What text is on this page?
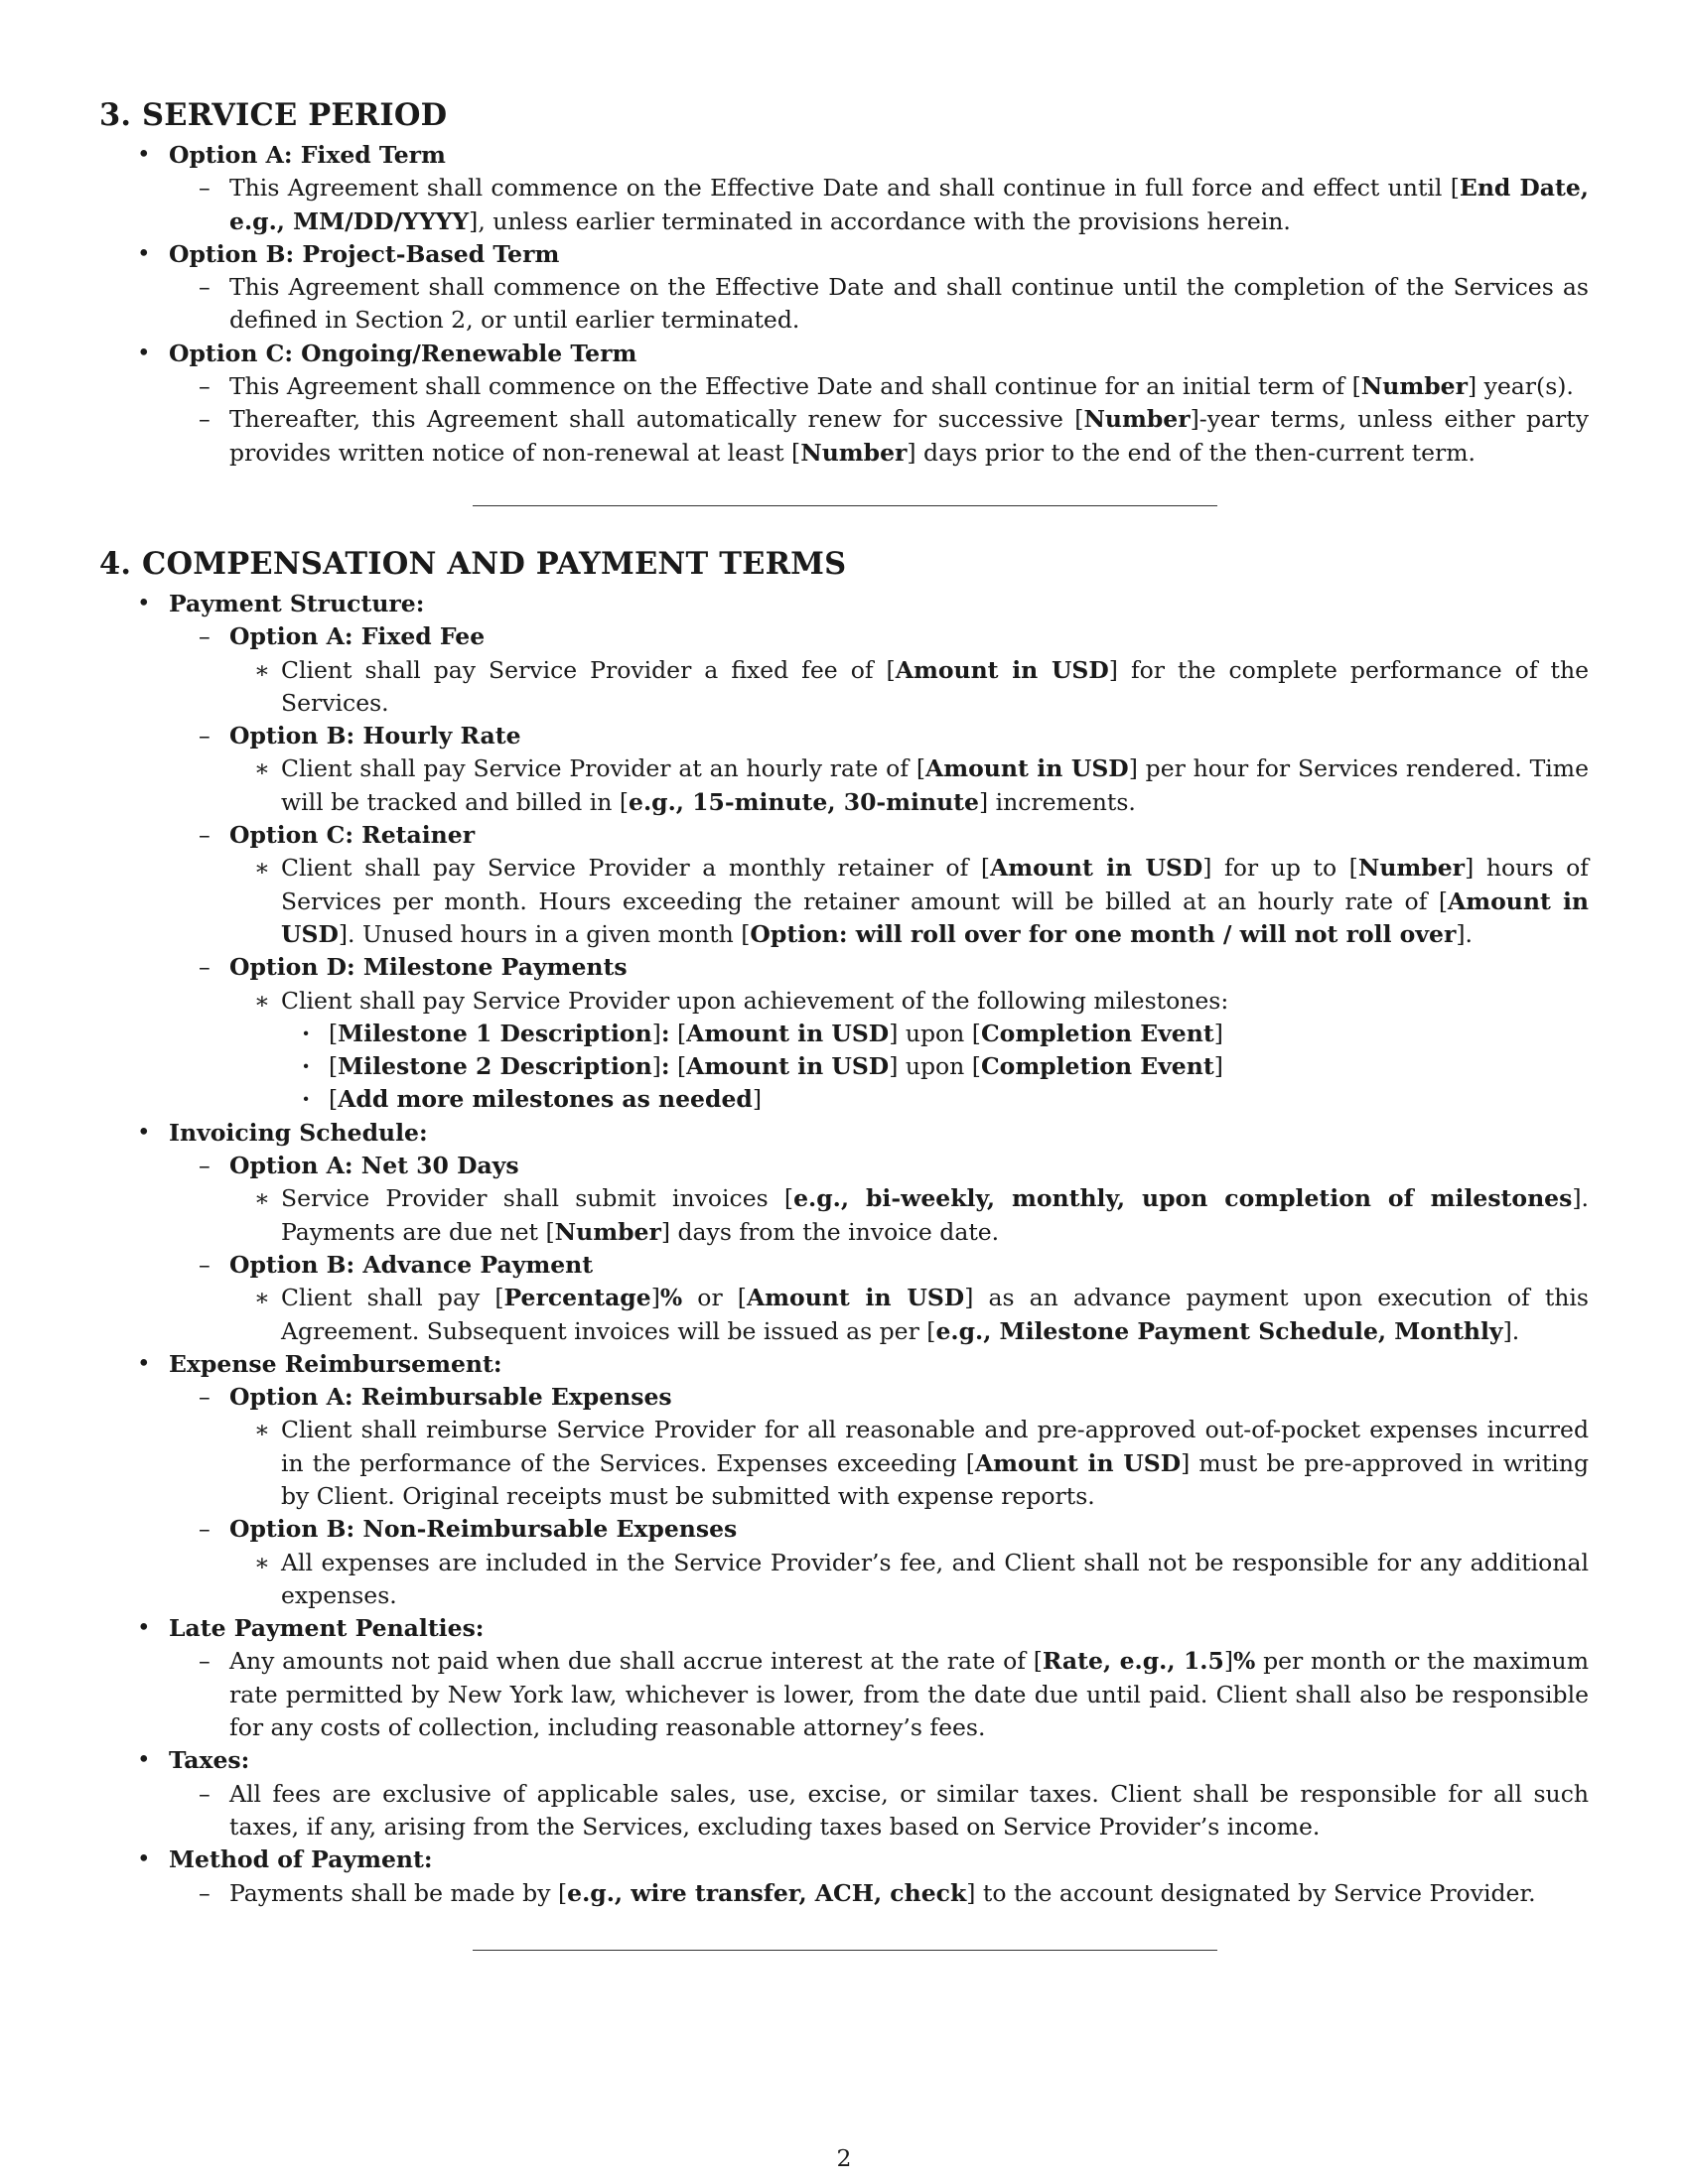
3. SERVICE PERIOD
• Option A: Fixed Term
– This Agreement shall commence on the Effective Date and shall continue in full force and effect until [End Date, e.g., MM/DD/YYYY], unless earlier terminated in accordance with the provisions herein.
• Option B: Project-Based Term
– This Agreement shall commence on the Effective Date and shall continue until the completion of the Services as defined in Section 2, or until earlier terminated.
• Option C: Ongoing/Renewable Term
– This Agreement shall commence on the Effective Date and shall continue for an initial term of [Number] year(s).
– Thereafter, this Agreement shall automatically renew for successive [Number]-year terms, unless either party provides written notice of non-renewal at least [Number] days prior to the end of the then-current term.
4. COMPENSATION AND PAYMENT TERMS
• Payment Structure:
– Option A: Fixed Fee
∗ Client shall pay Service Provider a fixed fee of [Amount in USD] for the complete performance of the Services.
– Option B: Hourly Rate
∗ Client shall pay Service Provider at an hourly rate of [Amount in USD] per hour for Services rendered. Time will be tracked and billed in [e.g., 15-minute, 30-minute] increments.
– Option C: Retainer
∗ Client shall pay Service Provider a monthly retainer of [Amount in USD] for up to [Number] hours of Services per month. Hours exceeding the retainer amount will be billed at an hourly rate of [Amount in USD]. Unused hours in a given month [Option: will roll over for one month / will not roll over].
– Option D: Milestone Payments
∗ Client shall pay Service Provider upon achievement of the following milestones:
· [Milestone 1 Description]: [Amount in USD] upon [Completion Event]
· [Milestone 2 Description]: [Amount in USD] upon [Completion Event]
· [Add more milestones as needed]
• Invoicing Schedule:
– Option A: Net 30 Days
∗ Service Provider shall submit invoices [e.g., bi-weekly, monthly, upon completion of milestones]. Payments are due net [Number] days from the invoice date.
– Option B: Advance Payment
∗ Client shall pay [Percentage]% or [Amount in USD] as an advance payment upon execution of this Agreement. Subsequent invoices will be issued as per [e.g., Milestone Payment Schedule, Monthly].
• Expense Reimbursement:
– Option A: Reimbursable Expenses
∗ Client shall reimburse Service Provider for all reasonable and pre-approved out-of-pocket expenses incurred in the performance of the Services. Expenses exceeding [Amount in USD] must be pre-approved in writing by Client. Original receipts must be submitted with expense reports.
– Option B: Non-Reimbursable Expenses
∗ All expenses are included in the Service Provider’s fee, and Client shall not be responsible for any additional expenses.
• Late Payment Penalties:
– Any amounts not paid when due shall accrue interest at the rate of [Rate, e.g., 1.5]% per month or the maximum rate permitted by New York law, whichever is lower, from the date due until paid. Client shall also be responsible for any costs of collection, including reasonable attorney’s fees.
• Taxes:
– All fees are exclusive of applicable sales, use, excise, or similar taxes. Client shall be responsible for all such taxes, if any, arising from the Services, excluding taxes based on Service Provider’s income.
• Method of Payment:
– Payments shall be made by [e.g., wire transfer, ACH, check] to the account designated by Service Provider.
2
